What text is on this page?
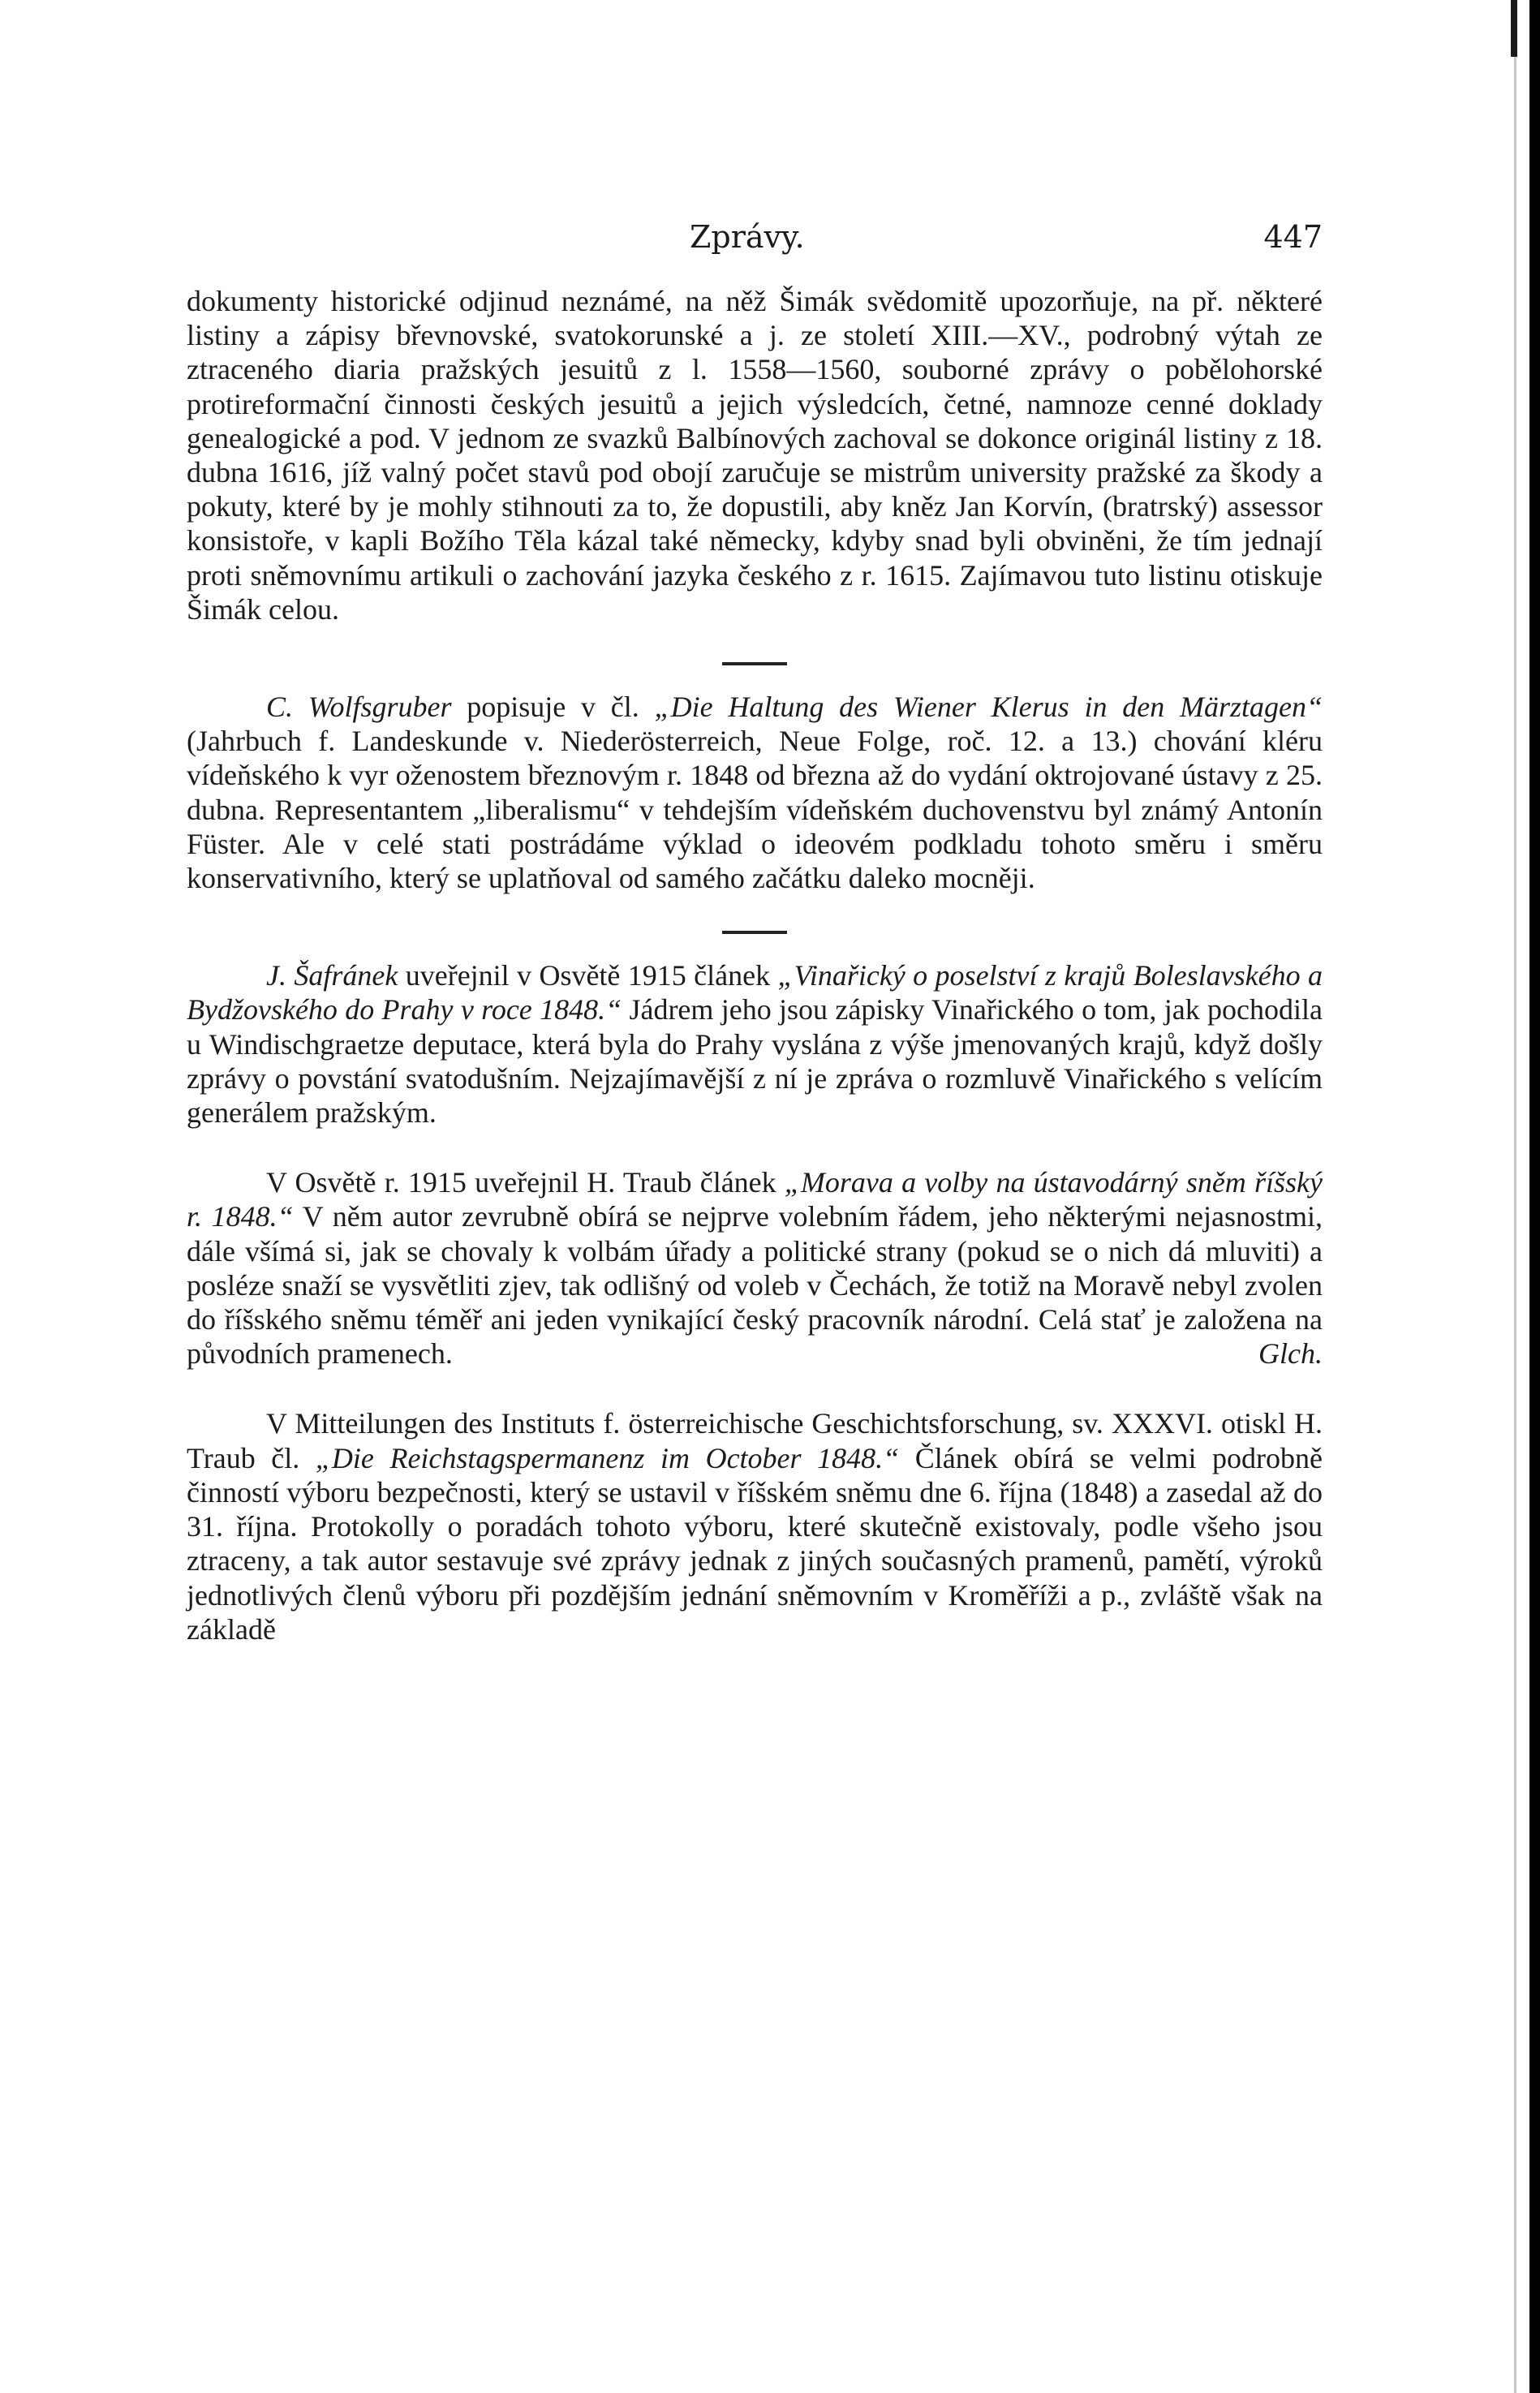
Zprávy.	447

dokumenty historické odjinud neznámé, na něž Šimák svědomitě upozorňuje, na př. některé listiny a zápisy břevnovské, svatokorunské a j. ze století XIII.—XV., podrobný výtah ze ztraceného diaria pražských jesuitů z l. 1558—1560, souborné zprávy o pobělohorské protireformační činnosti českých jesuitů a jejich výsledcích, četné, namnoze cenné doklady genealogické a pod. V jednom ze svazků Balbínových zachoval se dokonce originál listiny z 18. dubna 1616, jíž valný počet stavů pod obojí zaručuje se mistrům university pražské za škody a pokuty, které by je mohly stihnouti za to, že dopustili, aby kněz Jan Korvín, (bratrský) assessor konsistoře, v kapli Božího Těla kázal také německy, kdyby snad byli obviněni, že tím jednají proti sněmovnímu artikuli o zachování jazyka českého z r. 1615. Zajímavou tuto listinu otiskuje Šimák celou.

C. Wolfsgruber popisuje v čl. „Die Haltung des Wiener Klerus in den Märztagen“ (Jahrbuch f. Landeskunde v. Niederösterreich, Neue Folge, roč. 12. a 13.) chování kléru vídeňského k vyr oženostem březnovým r. 1848 od března až do vydání oktrojované ústavy z 25. dubna. Representantem „liberalismu“ v tehdejším vídeňském duchovenstvu byl známý Antonín Füster. Ale v celé stati postrádáme výklad o ideovém podkladu tohoto směru i směru konservativního, který se uplatňoval od samého začátku daleko mocněji.

J. Šafránek uveřejnil v Osvětě 1915 článek „Vinařický o poselství z krajů Boleslavského a Bydžovského do Prahy v roce 1848.“ Jádrem jeho jsou zápisky Vinařického o tom, jak pochodila u Windischgraetze deputace, která byla do Prahy vyslána z výše jmenovaných krajů, když došly zprávy o povstání svatodušním. Nejzajímavější z ní je zpráva o rozmluvě Vinařického s velícím generálem pražským.

V Osvětě r. 1915 uveřejnil H. Traub článek „Morava a volby na ústavodárný sněm říšský r. 1848.“ V něm autor zevrubně obírá se nejprve volebním řádem, jeho některými nejasnostmi, dále všímá si, jak se chovaly k volbám úřady a politické strany (pokud se o nich dá mluviti) a posléze snaží se vysvětliti zjev, tak odlišný od voleb v Čechách, že totiž na Moravě nebyl zvolen do říšského sněmu téměř ani jeden vynikající český pracovník národní. Celá stať je založena na původních pramenech.	Glch.

V Mitteilungen des Instituts f. österreichische Geschichtsforschung, sv. XXXVI. otiskl H. Traub čl. „Die Reichstagspermanenz im October 1848.“ Článek obírá se velmi podrobně činností výboru bezpečnosti, který se ustavil v říšském sněmu dne 6. října (1848) a zasedal až do 31. října. Protokolly o poradách tohoto výboru, které skutečně existovaly, podle všeho jsou ztraceny, a tak autor sestavuje své zprávy jednak z jiných současných pramenů, pamětí, výroků jednotlivých členů výboru při pozdějším jednání sněmovním v Kroměříži a p., zvláště však na základě
